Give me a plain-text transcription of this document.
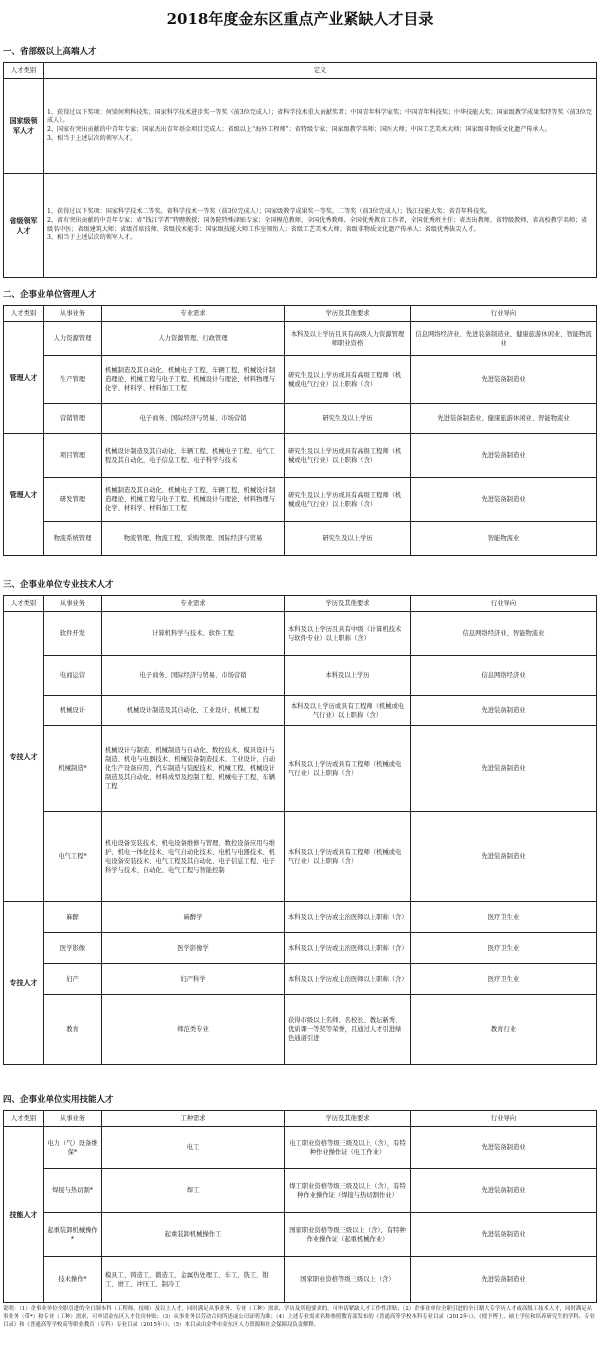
2018年度金东区重点产业紧缺人才目录
一、省部级以上高端人才
人才类别	定义
国家级领军人才	1、获得过以下奖项：何梁何利科技奖；国家科学技术进步奖一等奖（前3位完成人）；省科学技术重大贡献奖者；中国青年科学家奖；中国青年科技奖；中华技能大奖；国家级教学成果奖特等奖（前3位完成人）。
2、国家有突出贡献的中青年专家；国家杰出青年基金项目完成人；省级以上“海外工程师”；省特级专家；国家级教学名师；国医大师；中国工艺美术大师；国家级非物质文化遗产传承人。
3、相当于上述层次的领军人才。

省级领军人才	1、获得过以下奖项：国家科学技术二等奖，省科学技术一等奖（前3位完成人）；国家级教学成果奖一等奖、二等奖（前3位完成人）；钱江技能大奖；省青年科技奖。
2、省有突出贡献的中青年专家；省“钱江学者”特聘教授；国务院特殊津贴专家；全国模范教师、全国优秀教师、全国优秀教育工作者，全国优秀班主任；省杰出教师、省特级教师、省高校教学名师；省级名中医；省级建筑大师；省级首席技师、省级技术能手；国家级技能大师工作室领衔人；省级工艺美术大师；省级非物质文化遗产传承人；省级优秀拔尖人才。
3、相当于上述层次的领军人才。
二、企事业单位管理人才
人才类别	从事业务	专业需求	学历及其他要求	行业导向
管理人才	人力资源管理	人力资源管理、行政管理	本科及以上学历且具有高级人力资源管理师职业资格	信息网络经济业、先进装备制造业、健康旅游休闲业、智能物流业
	生产管理	机械制造及其自动化、机械电子工程、车辆工程、机械设计制造理论、机械工程与电子工程、机械设计与理论、材料物理与化学、材料学、材料加工工程	研究生及以上学历或具有高级工程师（机械或电气行业）以上职称（含）	先进装备制造业
	营销管理	电子商务、国际经济与贸易、市场营销	研究生及以上学历	先进装备制造业、健康旅游休闲业、智能物流业
管理人才	项目管理	机械设计制造及其自动化、车辆工程、机械电子工程、电气工程及其自动化、电子信息工程、电子科学与技术	研究生及以上学历或具有高级工程师（机械或电气行业）以上职称（含）	先进装备制造业
	研发管理	机械制造及其自动化、机械电子工程、车辆工程、机械设计制造理论、机械工程与电子工程、机械设计与理论、材料物理与化学、材料学、材料加工工程	研究生及以上学历或具有高级工程师（机械或电气行业）以上职称（含）	先进装备制造业
	物流系统管理	物流管理、物流工程、采购管理、国际经济与贸易	研究生及以上学历	智能物流业
三、企事业单位专业技术人才
人才类别	从事业务	专业需求	学历及其他要求	行业导向
专技人才	软件开发	计算机科学与技术、软件工程	本科及以上学历且具有中级（计算机技术与软件专业）以上职称（含）	信息网络经济业、智能物流业
	电商运营	电子商务、国际经济与贸易、市场营销	本科及以上学历	信息网络经济业
	机械设计	机械设计制造及其自动化、工业设计、机械工程	本科及以上学历或具有工程师（机械或电气行业）以上职称（含）	先进装备制造业
	机械制造*	机械设计与制造、机械制造与自动化、数控技术、模具设计与制造、机电与电器技术、机械装备制造技术、工业设计、自动化生产设备应用、汽车制造与装配技术、机械工程、机械设计制造及其自动化、材料成型及控制工程、机械电子工程、车辆工程	本科及以上学历或具有工程师（机械或电气行业）以上职称（含）	先进装备制造业
	电气工程*	机电设备安装技术、机电设备维修与管理、数控设备应用与维护、机电一体化技术、电气自动化技术、电机与电器技术、机电设备安装技术、电气工程及其自动化、电子信息工程、电子科学与技术、自动化、电气工程与智能控制	本科及以上学历或具有工程师（机械或电气行业）以上职称（含）	先进装备制造业
专技人才	麻醉	麻醉学	本科及以上学历或主治医师以上职称（含）	医疗卫生业
	医学影像	医学影像学	本科及以上学历或主治医师以上职称（含）	医疗卫生业
	妇产	妇产科学	本科及以上学历或主治医师以上职称（含）	医疗卫生业
	教育	师范类专业	获得市级以上名师、名校长、教坛新秀、优质课一等奖等荣誉，且通过人才引进绿色通道引进	教育行业
四、企事业单位实用技能人才
人才类别	从事业务	工种需求	学历及其他要求	行业导向
技能人才	电力（气）设备维保*	电工	电工职业资格等级三级及以上（含），有特种作业操作证（电工作业）	先进装备制造业
	焊接与热切割*	焊工	焊工职业资格等级三级及以上（含），有特种作业操作证（焊接与热切割作业）	先进装备制造业
	起重装卸机械操作*	起重装卸机械操作工	国家职业资格等级三级以上（含），有特种作业操作证（起重机械作业）	先进装备制造业
	技术操作*	模具工、铸造工、锻造工、金属热处理工、车工、铣工、钳工、磨工、冲压工、制冷工	国家职业资格等级三级以上（含）	先进装备制造业
说明：（1）企事业单位全职引进的全日制本科（工程师、技师）及以上人才，同时满足从事业务、专业（工种）需求、学历及其他要求的，可申请紧缺人才工作性津贴；（2）企事业单位全职引进的全日制大专学历人才或高级工技术人才，同时满足从事业务（带*）和专业（工种）需求，可申请金东区人才住房补贴；（3）从事业务以劳动合同所述或公司证明为准；（4）上述专业需求名称参照教育部发布的《普通高等学校本科专业目录（2012年）》、《授予博士、硕士学位和培养研究生的学科、专业目录》和《普通高等学校高等职业教育（专科）专业目录（2015年）》；（5）本目录由金华市金东区人力资源和社会保障局负责解释。
